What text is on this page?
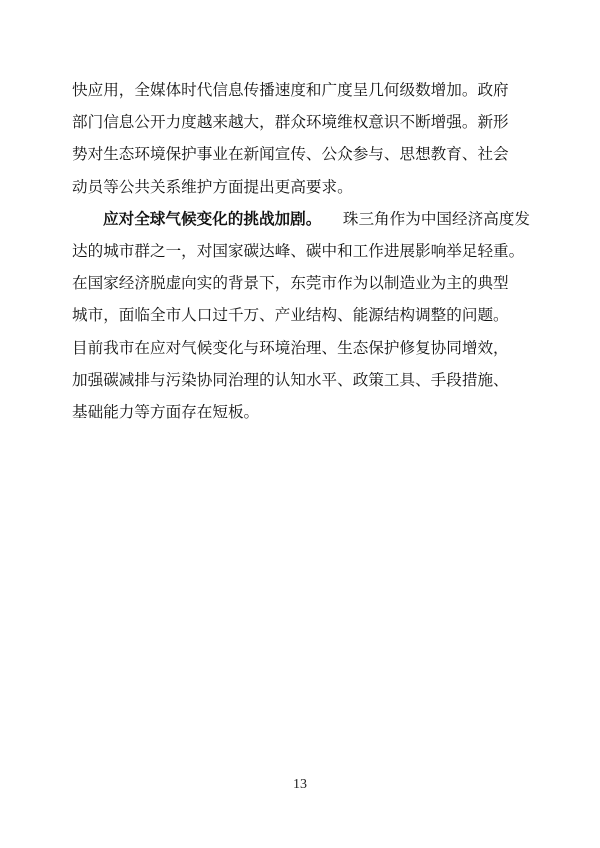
快应用，全媒体时代信息传播速度和广度呈几何级数增加。政府
部门信息公开力度越来越大，群众环境维权意识不断增强。新形
势对生态环境保护事业在新闻宣传、公众参与、思想教育、社会
动员等公共关系维护方面提出更高要求。
应对全球气候变化的挑战加剧。 珠三角作为中国经济高度发
达的城市群之一，对国家碳达峰、碳中和工作进展影响举足轻重。
在国家经济脱虚向实的背景下，东莞市作为以制造业为主的典型
城市，面临全市人口过千万、产业结构、能源结构调整的问题。
目前我市在应对气候变化与环境治理、生态保护修复协同增效，
加强碳减排与污染协同治理的认知水平、政策工具、手段措施、
基础能力等方面存在短板。
13
